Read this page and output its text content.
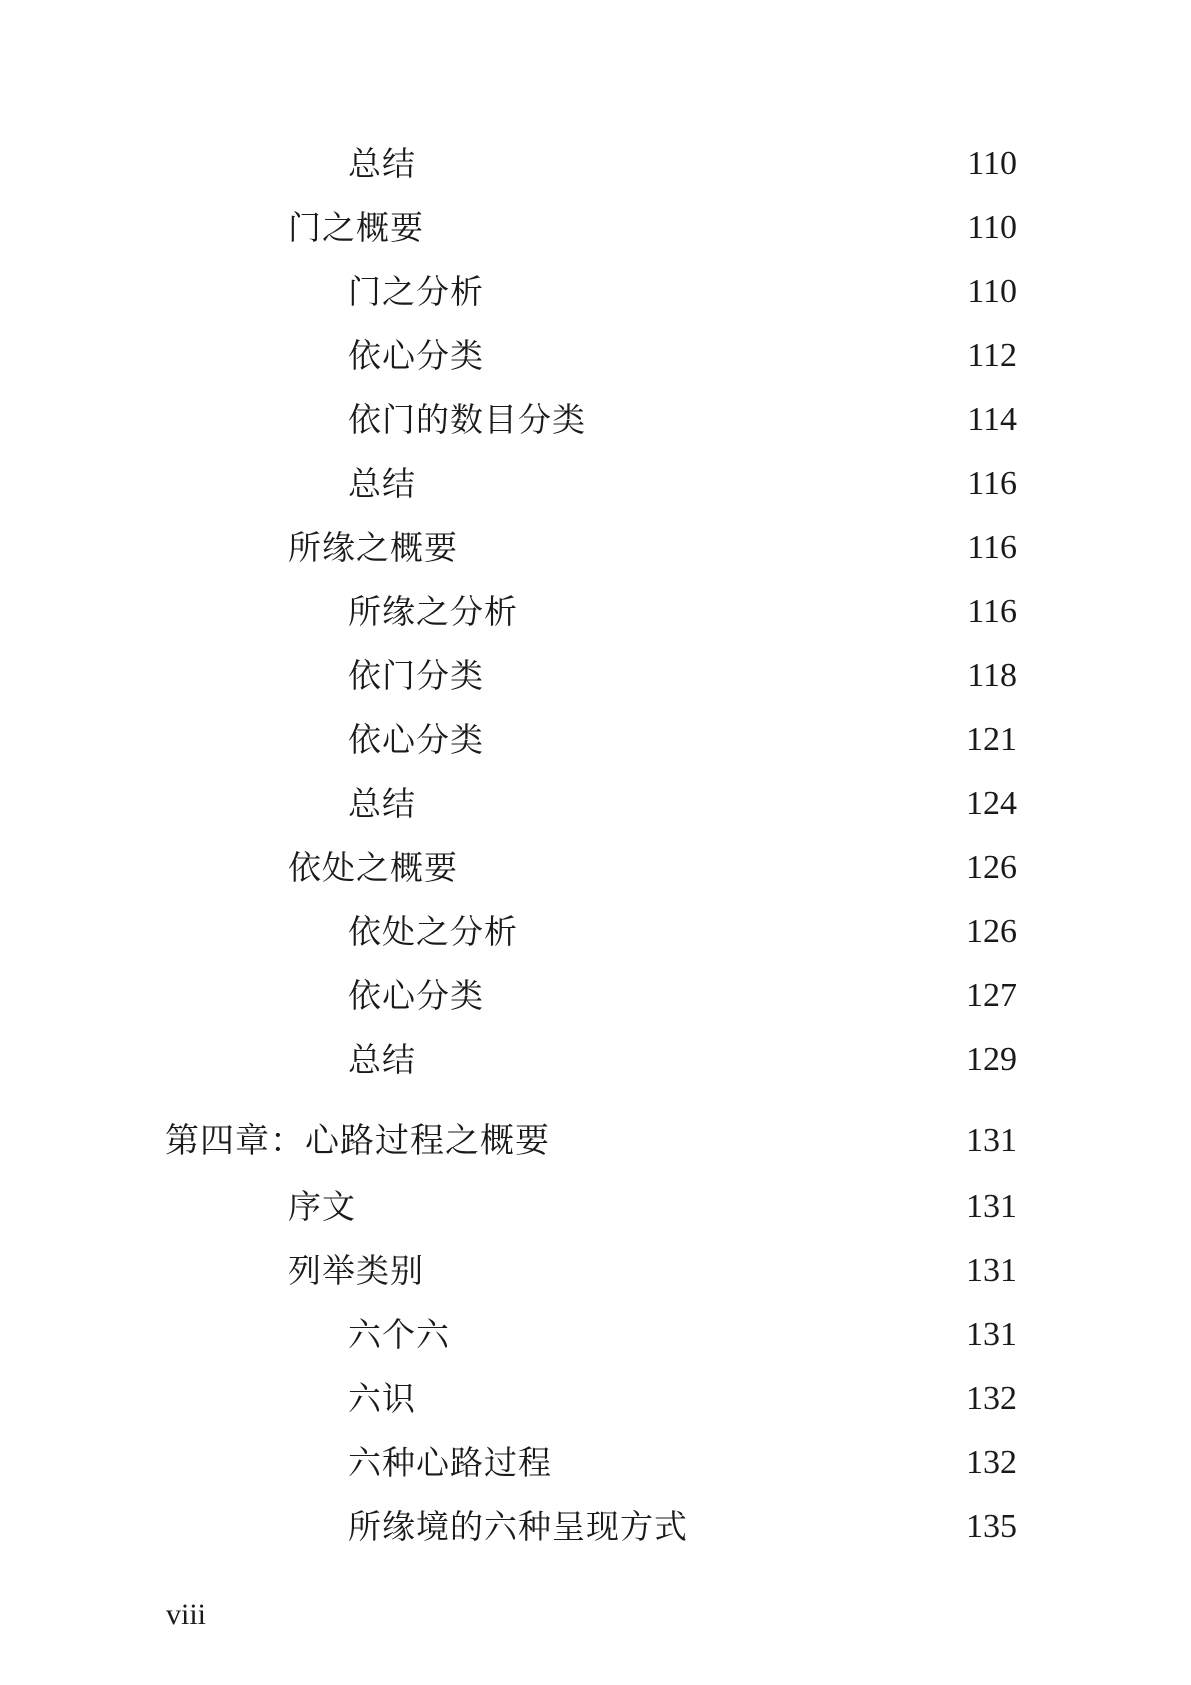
总结	110
门之概要	110
门之分析	110
依心分类	112
依门的数目分类	114
总结	116
所缘之概要	116
所缘之分析	116
依门分类	118
依心分类	121
总结	124
依处之概要	126
依处之分析	126
依心分类	127
总结	129
第四章：心路过程之概要	131
序文	131
列举类别	131
六个六	131
六识	132
六种心路过程	132
所缘境的六种呈现方式	135
viii
